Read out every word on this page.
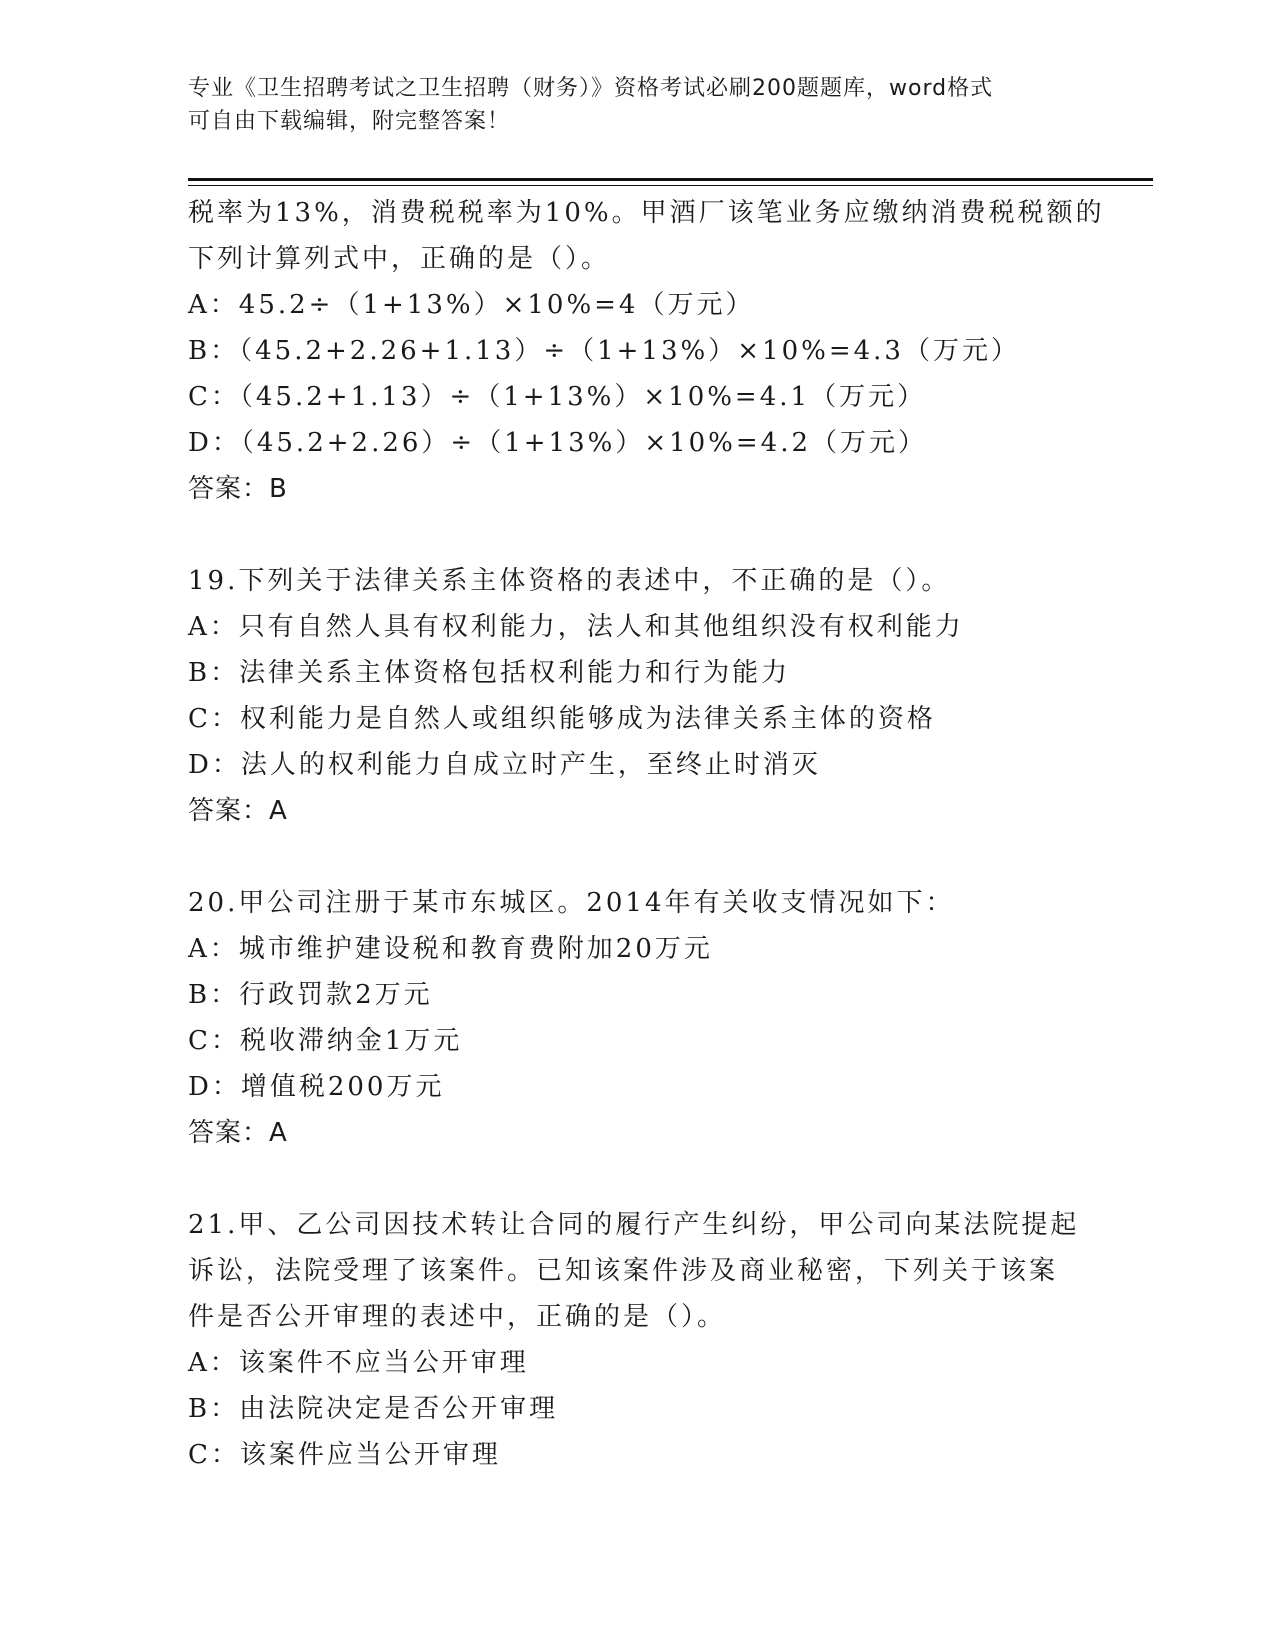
专业《卫生招聘考试之卫生招聘（财务）》资格考试必刷200题题库，word格式
可自由下载编辑，附完整答案！
税率为13%，消费税税率为10%。甲酒厂该笔业务应缴纳消费税税额的
下列计算列式中，正确的是（）。
A：45.2÷（1+13%）×10%=4（万元）
B：（45.2+2.26+1.13）÷（1+13%）×10%=4.3（万元）
C：（45.2+1.13）÷（1+13%）×10%=4.1（万元）
D：（45.2+2.26）÷（1+13%）×10%=4.2（万元）
答案：B
19.下列关于法律关系主体资格的表述中，不正确的是（）。
A：只有自然人具有权利能力，法人和其他组织没有权利能力
B：法律关系主体资格包括权利能力和行为能力
C：权利能力是自然人或组织能够成为法律关系主体的资格
D：法人的权利能力自成立时产生，至终止时消灭
答案：A
20.甲公司注册于某市东城区。2014年有关收支情况如下：
A：城市维护建设税和教育费附加20万元
B：行政罚款2万元
C：税收滞纳金1万元
D：增值税200万元
答案：A
21.甲、乙公司因技术转让合同的履行产生纠纷，甲公司向某法院提起
诉讼，法院受理了该案件。已知该案件涉及商业秘密，下列关于该案
件是否公开审理的表述中，正确的是（）。
A：该案件不应当公开审理
B：由法院决定是否公开审理
C：该案件应当公开审理
